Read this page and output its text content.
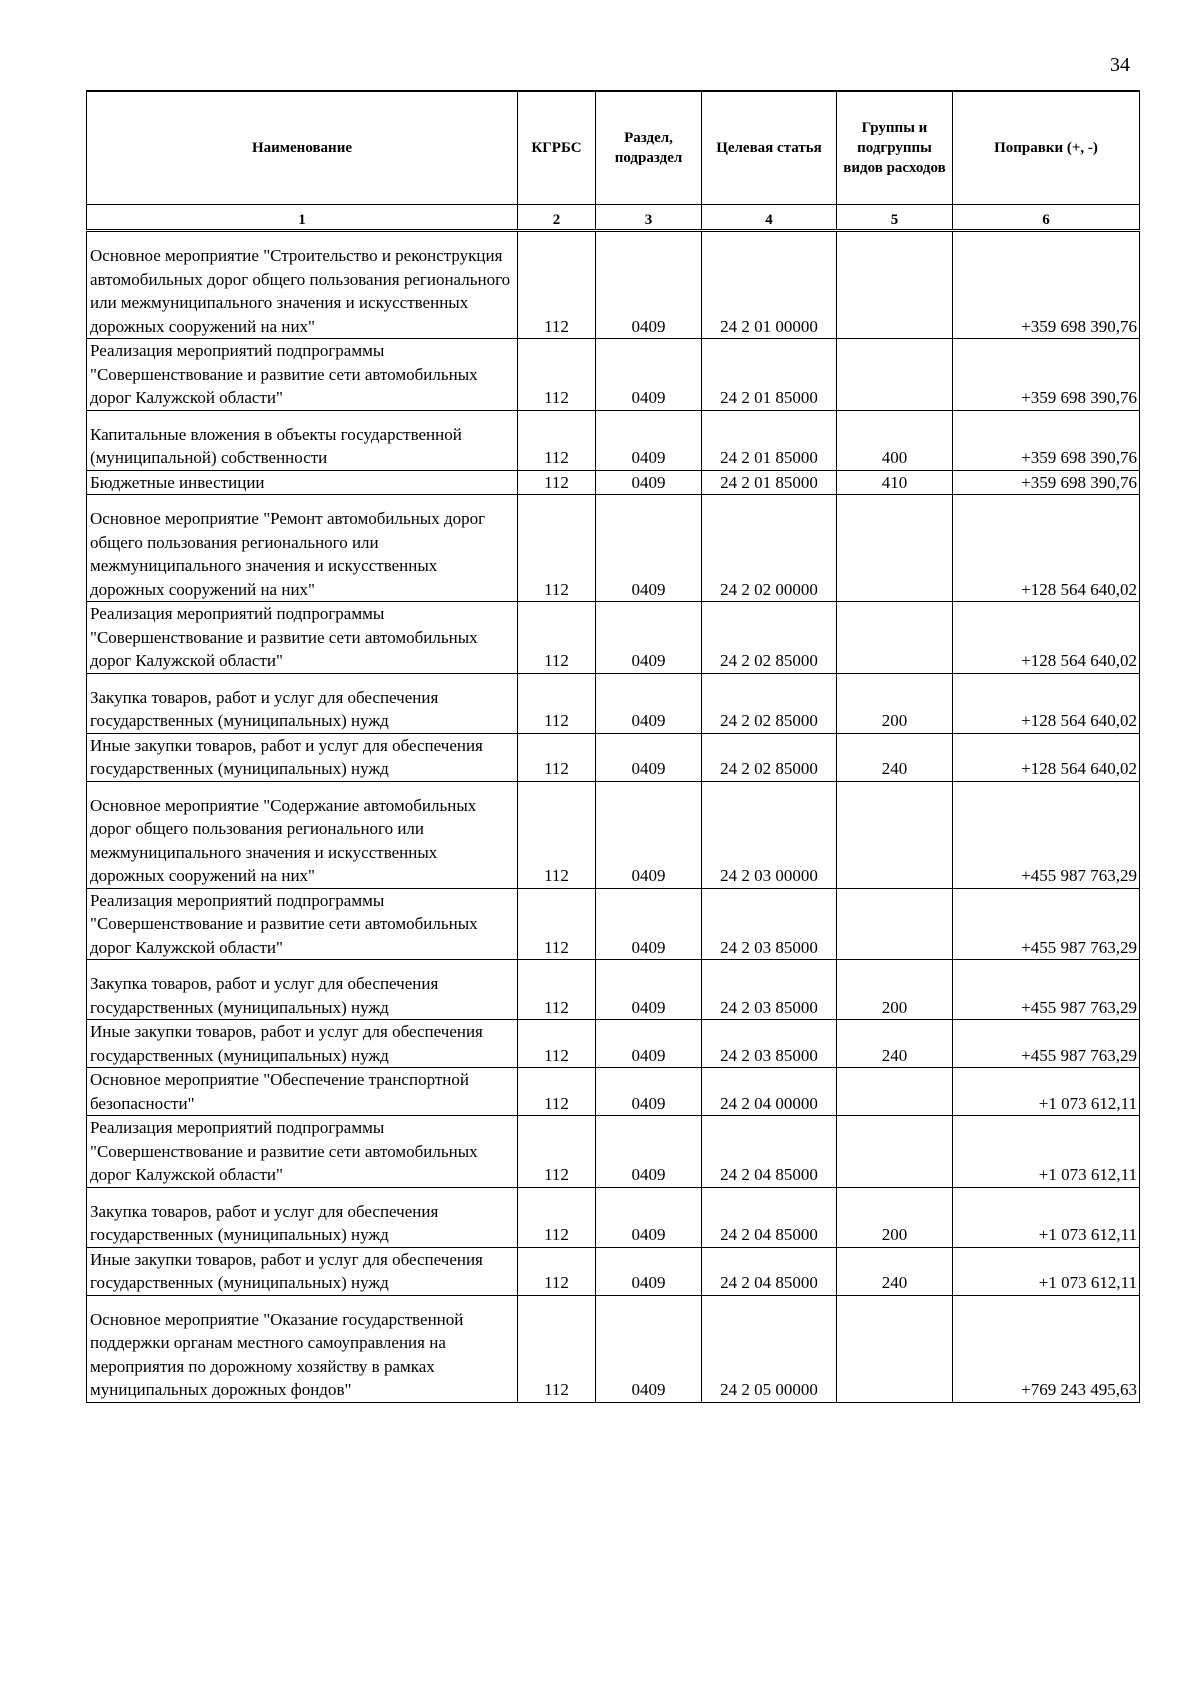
34
Наименование	КГРБС	Раздел, подраздел	Целевая статья	Группы и подгруппы видов расходов	Поправки (+, -)
1	2	3	4	5	6

Основное мероприятие "Строительство и реконструкция автомобильных дорог общего пользования регионального или межмуниципального значения и искусственных дорожных сооружений на них"	112	0409	24 2 01 00000		+359 698 390,76
Реализация мероприятий подпрограммы "Совершенствование и развитие сети автомобильных дорог Калужской области"	112	0409	24 2 01 85000		+359 698 390,76

Капитальные вложения в объекты государственной (муниципальной) собственности	112	0409	24 2 01 85000	400	+359 698 390,76
Бюджетные инвестиции	112	0409	24 2 01 85000	410	+359 698 390,76

Основное мероприятие "Ремонт автомобильных дорог общего пользования регионального или межмуниципального значения и искусственных дорожных сооружений на них"	112	0409	24 2 02 00000		+128 564 640,02
Реализация мероприятий подпрограммы "Совершенствование и развитие сети автомобильных дорог Калужской области"	112	0409	24 2 02 85000		+128 564 640,02

Закупка товаров, работ и услуг для обеспечения государственных (муниципальных) нужд	112	0409	24 2 02 85000	200	+128 564 640,02
Иные закупки товаров, работ и услуг для обеспечения государственных (муниципальных) нужд	112	0409	24 2 02 85000	240	+128 564 640,02

Основное мероприятие "Содержание автомобильных дорог общего пользования регионального или межмуниципального значения и искусственных дорожных сооружений на них"	112	0409	24 2 03 00000		+455 987 763,29
Реализация мероприятий подпрограммы "Совершенствование и развитие сети автомобильных дорог Калужской области"	112	0409	24 2 03 85000		+455 987 763,29

Закупка товаров, работ и услуг для обеспечения государственных (муниципальных) нужд	112	0409	24 2 03 85000	200	+455 987 763,29
Иные закупки товаров, работ и услуг для обеспечения государственных (муниципальных) нужд	112	0409	24 2 03 85000	240	+455 987 763,29
Основное мероприятие "Обеспечение транспортной безопасности"	112	0409	24 2 04 00000		+1 073 612,11
Реализация мероприятий подпрограммы "Совершенствование и развитие сети автомобильных дорог Калужской области"	112	0409	24 2 04 85000		+1 073 612,11

Закупка товаров, работ и услуг для обеспечения государственных (муниципальных) нужд	112	0409	24 2 04 85000	200	+1 073 612,11
Иные закупки товаров, работ и услуг для обеспечения государственных (муниципальных) нужд	112	0409	24 2 04 85000	240	+1 073 612,11

Основное мероприятие "Оказание государственной поддержки органам местного самоуправления на мероприятия по дорожному хозяйству в рамках муниципальных дорожных фондов"	112	0409	24 2 05 00000		+769 243 495,63
